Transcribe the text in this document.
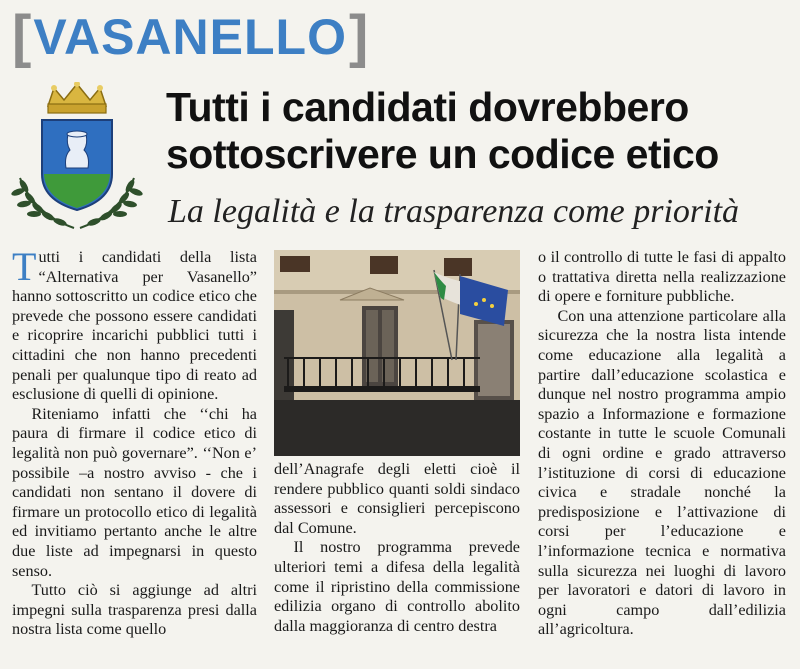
[ VASANELLO ]
Tutti i candidati dovrebbero
sottoscrivere un codice etico
La legalità e la trasparenza come priorità

Tutti i candidati della lista “Alternativa per Vasanello” hanno sottoscritto un codice etico che prevede che possono essere candidati e ricoprire incarichi pubblici tutti i cittadini che non hanno precedenti penali per qualunque tipo di reato ad esclusione di quelli di opinione.

Riteniamo infatti che ‘‘chi ha paura di firmare il codice etico di legalità non può governare”. ‘‘Non e’ possibile –a nostro avviso - che i candidati non sentano il dovere di firmare un protocollo etico di legalità ed invitiamo pertanto anche le altre due liste ad impegnarsi in questo senso.

Tutto ciò si aggiunge ad altri impegni sulla trasparenza presi dalla nostra lista come quello

dell’Anagrafe degli eletti cioè il rendere pubblico quanti soldi sindaco assessori e consiglieri percepiscono dal Comune.

Il nostro programma prevede ulteriori temi a difesa della legalità come il ripristino della commissione edilizia organo di controllo abolito dalla maggioranza di centro destra

o il controllo di tutte le fasi di appalto o trattativa diretta nella realizzazione di opere e forniture pubbliche.

Con una attenzione particolare alla sicurezza che la nostra lista intende come educazione alla legalità a partire dall’educazione scolastica e dunque nel nostro programma ampio spazio a Informazione e formazione costante in tutte le scuole Comunali di ogni ordine e grado attraverso l’istituzione di corsi di educazione civica e stradale nonché la predisposizione e l’attivazione di corsi per l’educazione e l’informazione tecnica e normativa sulla sicurezza nei luoghi di lavoro per lavoratori e datori di lavoro in ogni campo dall’edilizia all’agricoltura.
